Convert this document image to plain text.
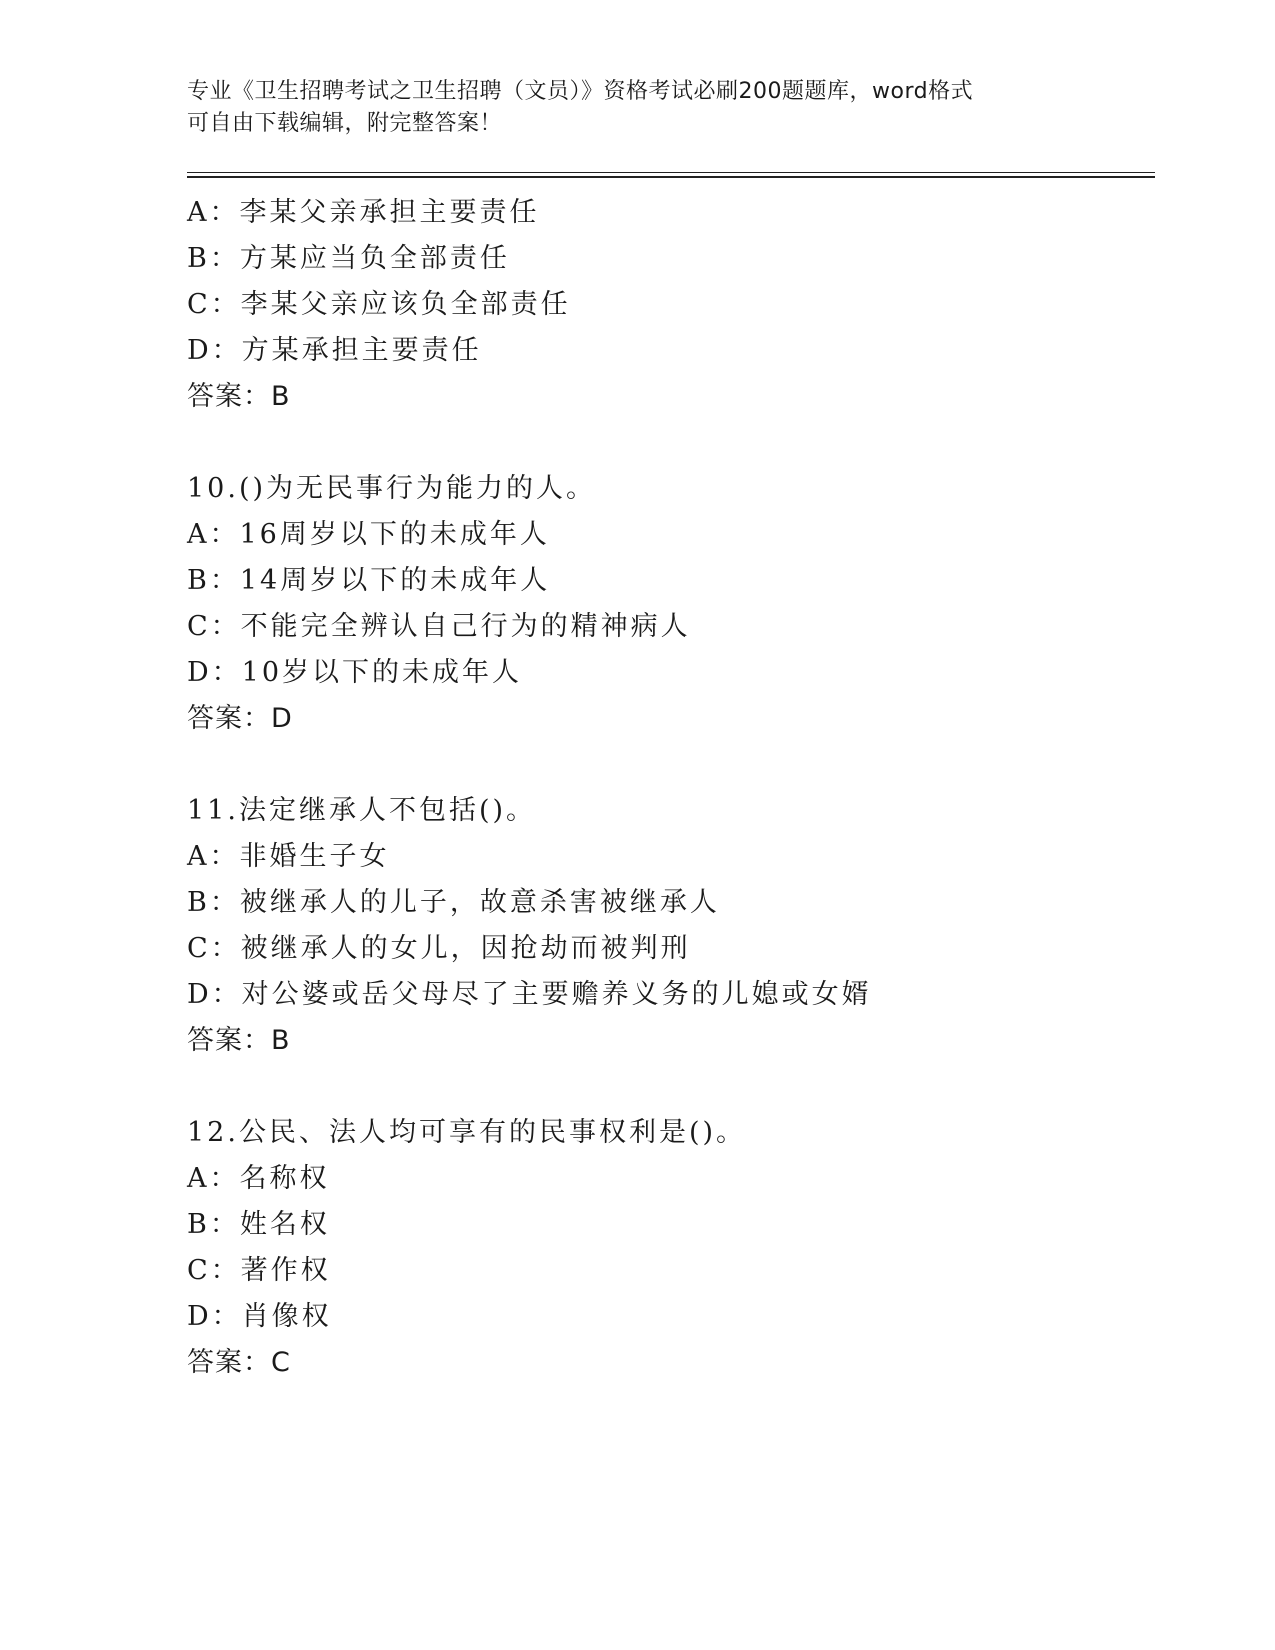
专业《卫生招聘考试之卫生招聘（文员）》资格考试必刷200题题库，word格式

可自由下载编辑，附完整答案！

A：李某父亲承担主要责任
B：方某应当负全部责任
C：李某父亲应该负全部责任
D：方某承担主要责任
答案：B
10.()为无民事行为能力的人。
A：16周岁以下的未成年人
B：14周岁以下的未成年人
C：不能完全辨认自己行为的精神病人
D：10岁以下的未成年人
答案：D
11.法定继承人不包括()。
A：非婚生子女
B：被继承人的儿子，故意杀害被继承人
C：被继承人的女儿，因抢劫而被判刑
D：对公婆或岳父母尽了主要赡养义务的儿媳或女婿
答案：B
12.公民、法人均可享有的民事权利是()。
A：名称权
B：姓名权
C：著作权
D：肖像权
答案：C
